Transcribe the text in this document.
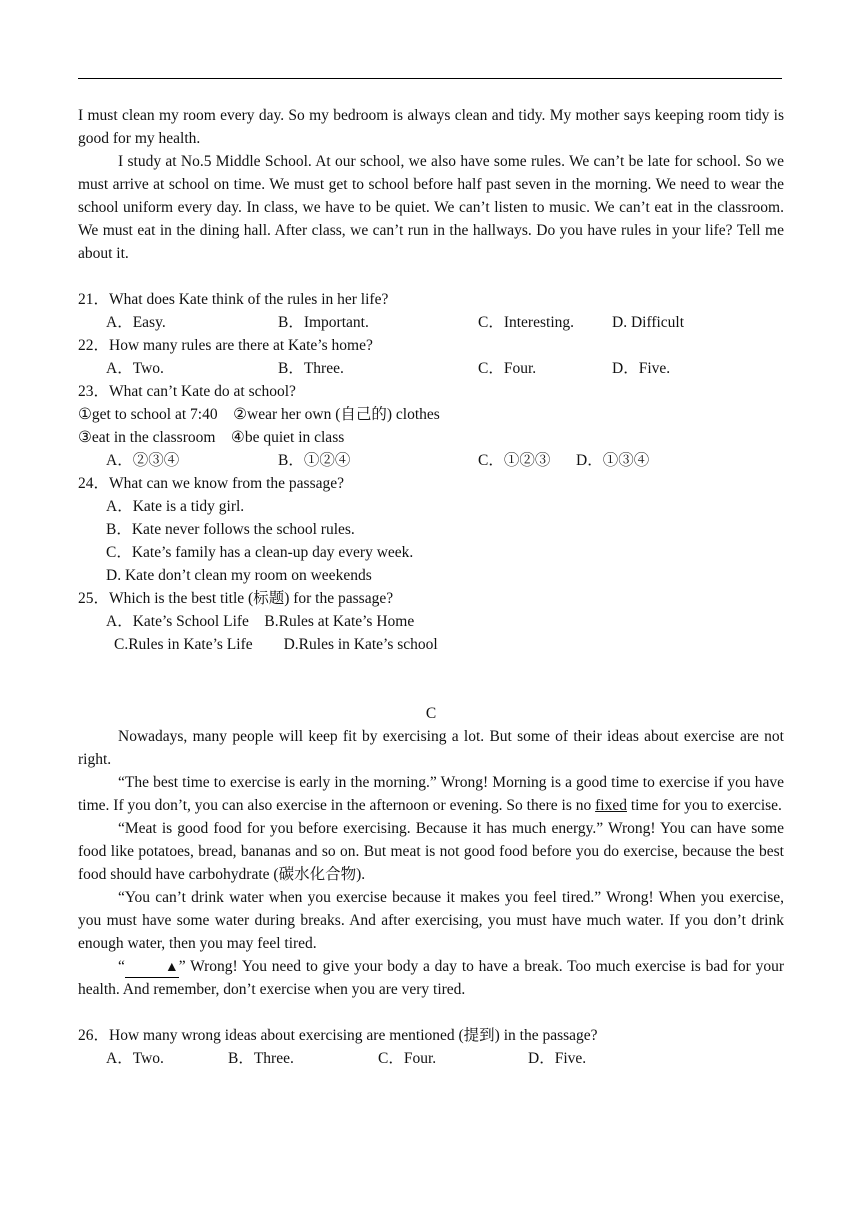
I must clean my room every day. So my bedroom is always clean and tidy. My mother says keeping room tidy is good for my health.

I study at No.5 Middle School. At our school, we also have some rules. We can’t be late for school. So we must arrive at school on time. We must get to school before half past seven in the morning. We need to wear the school uniform every day. In class, we have to be quiet. We can’t listen to music. We can’t eat in the classroom. We must eat in the dining hall. After class, we can’t run in the hallways. Do you have rules in your life? Tell me about it.

21．What does Kate think of the rules in her life?

A．Easy.	B．Important.	C．Interesting. D. Difficult

22．How many rules are there at Kate’s home?

A．Two.	B．Three.	C．Four.	D．Five.

23．What can’t Kate do at school?

①get to school at 7:40　②wear her own (自己的) clothes

③eat in the classroom　④be quiet in class

A．②③④	B．①②④	C．①②③ D．①③④

24．What can we know from the passage?

A．Kate is a tidy girl.

B．Kate never follows the school rules.

C．Kate’s family has a clean-up day every week.

D. Kate don’t clean my room on weekends

25．Which is the best title (标题) for the passage?

A．Kate’s School Life　B.Rules at Kate’s Home

C.Rules in Kate’s Life　　D.Rules in Kate’s school

C

Nowadays, many people will keep fit by exercising a lot. But some of their ideas about exercise are not right.

“The best time to exercise is early in the morning.” Wrong! Morning is a good time to exercise if you have time. If you don’t, you can also exercise in the afternoon or evening. So there is no fixed time for you to exercise.

“Meat is good food for you before exercising. Because it has much energy.” Wrong! You can have some food like potatoes, bread, bananas and so on. But meat is not good food before you do exercise, because the best food should have carbohydrate (碳水化合物).

“You can’t drink water when you exercise because it makes you feel tired.” Wrong! When you exercise, you must have some water during breaks. And after exercising, you must have much water. If you don’t drink enough water, then you may feel tired.

“	▲” Wrong! You need to give your body a day to have a break. Too much exercise is bad for your health. And remember, don’t exercise when you are very tired.

26．How many wrong ideas about exercising are mentioned (提到) in the passage?

A．Two.	B．Three.	C．Four.	D．Five.
